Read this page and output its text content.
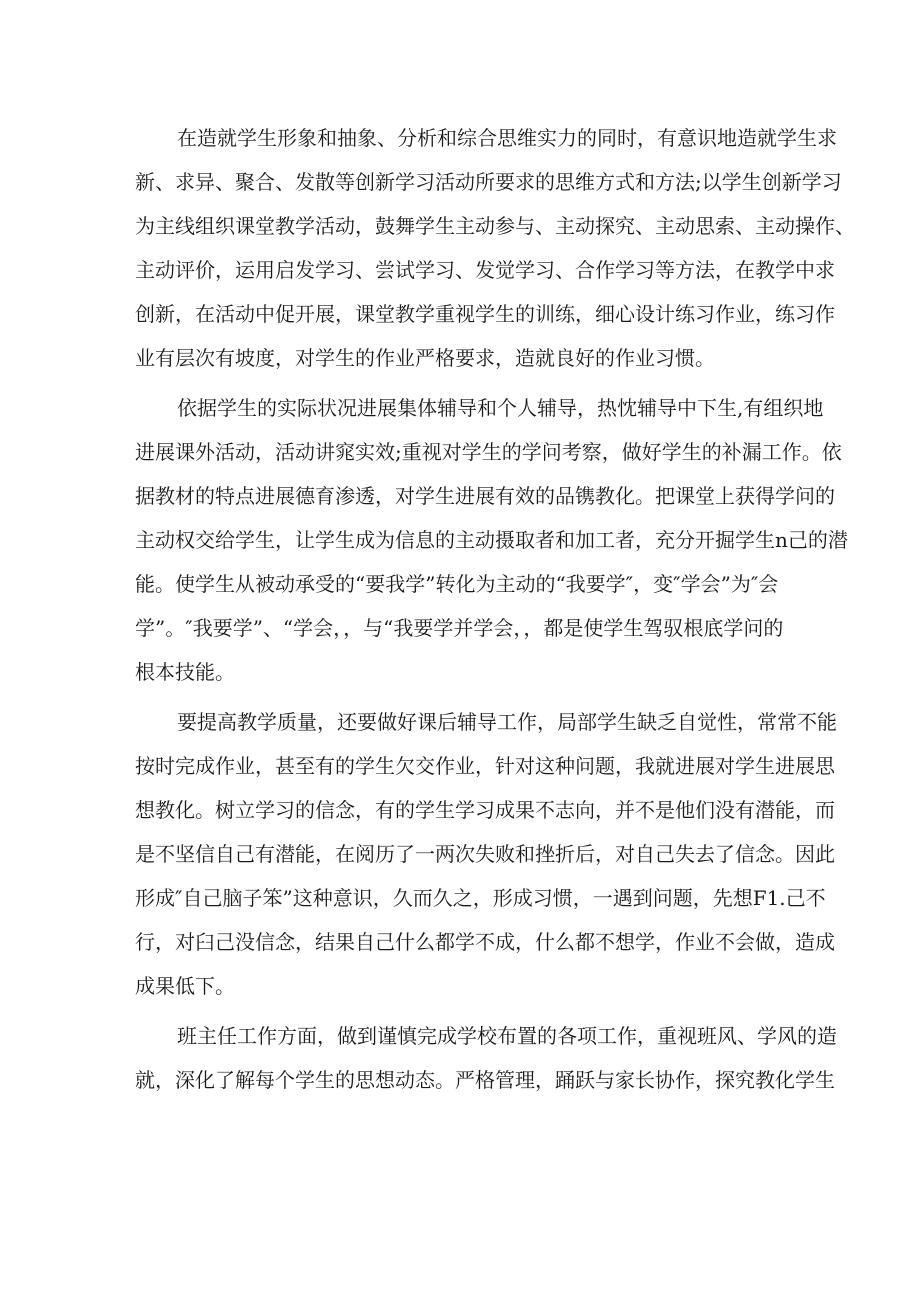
在造就学生形象和抽象、分析和综合思维实力的同时，有意识地造就学生求
新、求异、聚合、发散等创新学习活动所要求的思维方式和方法;以学生创新学习
为主线组织课堂教学活动，鼓舞学生主动参与、主动探究、主动思索、主动操作、
主动评价，运用启发学习、尝试学习、发觉学习、合作学习等方法，在教学中求
创新，在活动中促开展，课堂教学重视学生的训练，细心设计练习作业，练习作
业有层次有坡度，对学生的作业严格要求，造就良好的作业习惯。
依据学生的实际状况进展集体辅导和个人辅导，热忱辅导中下生,有组织地
进展课外活动，活动讲窕实效;重视对学生的学问考察，做好学生的补漏工作。依
据教材的特点进展德育渗透，对学生进展有效的品镌教化。把课堂上获得学问的
主动权交给学生，让学生成为信息的主动摄取者和加工者，充分开掘学生n己的潜
能。使学生从被动承受的“要我学”转化为主动的“我要学″，变″学会”为″会
学”。″我要学”、“学会，，与“我要学并学会，，都是使学生驾驭根底学问的
根本技能。
要提高教学质量，还要做好课后辅导工作，局部学生缺乏自觉性，常常不能
按时完成作业，甚至有的学生欠交作业，针对这种问题，我就进展对学生进展思
想教化。树立学习的信念，有的学生学习成果不志向，并不是他们没有潜能，而
是不坚信自己有潜能，在阅历了一两次失败和挫折后，对自己失去了信念。因此
形成″自己脑子笨”这种意识，久而久之，形成习惯，一遇到问题，先想F1.己不
行，对臼己没信念，结果自己什么都学不成，什么都不想学，作业不会做，造成
成果低下。
班主任工作方面，做到谨慎完成学校布置的各项工作，重视班风、学风的造
就，深化了解每个学生的思想动态。严格管理，踊跃与家长协作，探究教化学生
